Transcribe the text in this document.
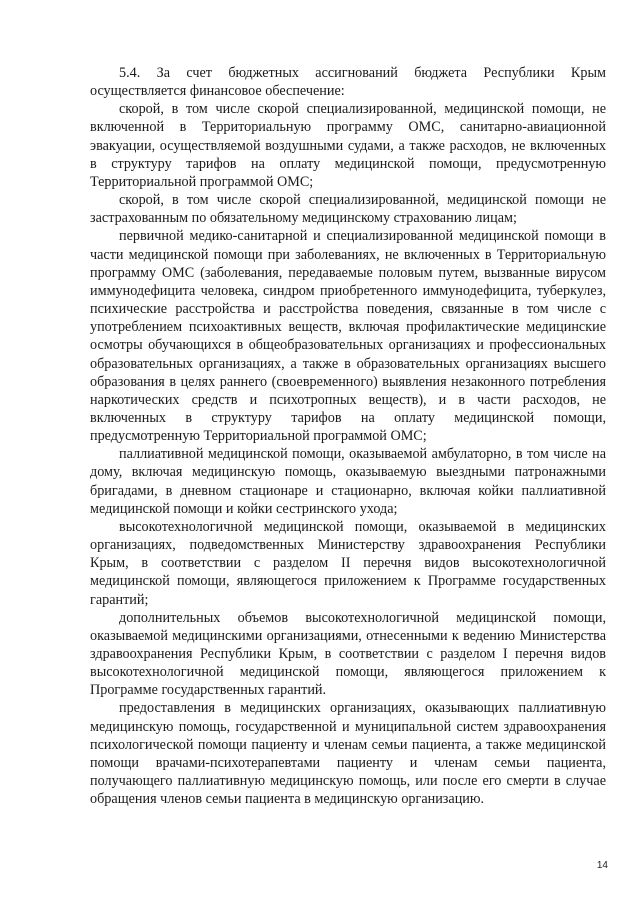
5.4. За счет бюджетных ассигнований бюджета Республики Крым осуществляется финансовое обеспечение:

скорой, в том числе скорой специализированной, медицинской помощи, не включенной в Территориальную программу ОМС, санитарно-авиационной эвакуации, осуществляемой воздушными судами, а также расходов, не включенных в структуру тарифов на оплату медицинской помощи, предусмотренную Территориальной программой ОМС;

скорой, в том числе скорой специализированной, медицинской помощи не застрахованным по обязательному медицинскому страхованию лицам;

первичной медико-санитарной и специализированной медицинской помощи в части медицинской помощи при заболеваниях, не включенных в Территориальную программу ОМС (заболевания, передаваемые половым путем, вызванные вирусом иммунодефицита человека, синдром приобретенного иммунодефицита, туберкулез, психические расстройства и расстройства поведения, связанные в том числе с употреблением психоактивных веществ, включая профилактические медицинские осмотры обучающихся в общеобразовательных организациях и профессиональных образовательных организациях, а также в образовательных организациях высшего образования в целях раннего (своевременного) выявления незаконного потребления наркотических средств и психотропных веществ), и в части расходов, не включенных в структуру тарифов на оплату медицинской помощи, предусмотренную Территориальной программой ОМС;

паллиативной медицинской помощи, оказываемой амбулаторно, в том числе на дому, включая медицинскую помощь, оказываемую выездными патронажными бригадами, в дневном стационаре и стационарно, включая койки паллиативной медицинской помощи и койки сестринского ухода;

высокотехнологичной медицинской помощи, оказываемой в медицинских организациях, подведомственных Министерству здравоохранения Республики Крым, в соответствии с разделом II перечня видов высокотехнологичной медицинской помощи, являющегося приложением к Программе государственных гарантий;

дополнительных объемов высокотехнологичной медицинской помощи, оказываемой медицинскими организациями, отнесенными к ведению Министерства здравоохранения Республики Крым, в соответствии с разделом I перечня видов высокотехнологичной медицинской помощи, являющегося приложением к Программе государственных гарантий.

предоставления в медицинских организациях, оказывающих паллиативную медицинскую помощь, государственной и муниципальной систем здравоохранения психологической помощи пациенту и членам семьи пациента, а также медицинской помощи врачами-психотерапевтами пациенту и членам семьи пациента, получающего паллиативную медицинскую помощь, или после его смерти в случае обращения членов семьи пациента в медицинскую организацию.

14
